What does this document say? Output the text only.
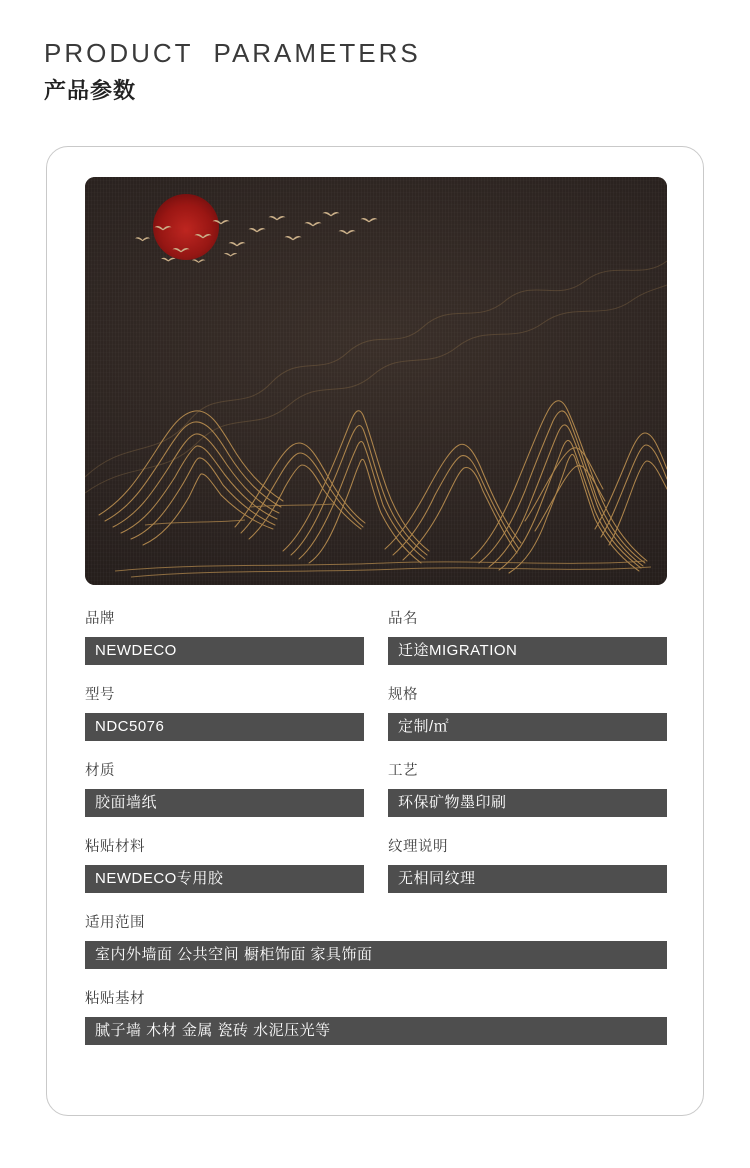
PRODUCT  PARAMETERS
产品参数
品牌
NEWDECO
品名
迁途MIGRATION
型号
NDC5076
规格
定制/㎡
材质
胶面墙纸
工艺
环保矿物墨印刷
粘贴材料
NEWDECO专用胶
纹理说明
无相同纹理
适用范围
室内外墙面 公共空间 橱柜饰面 家具饰面
粘贴基材
腻子墙 木材 金属 瓷砖 水泥压光等
